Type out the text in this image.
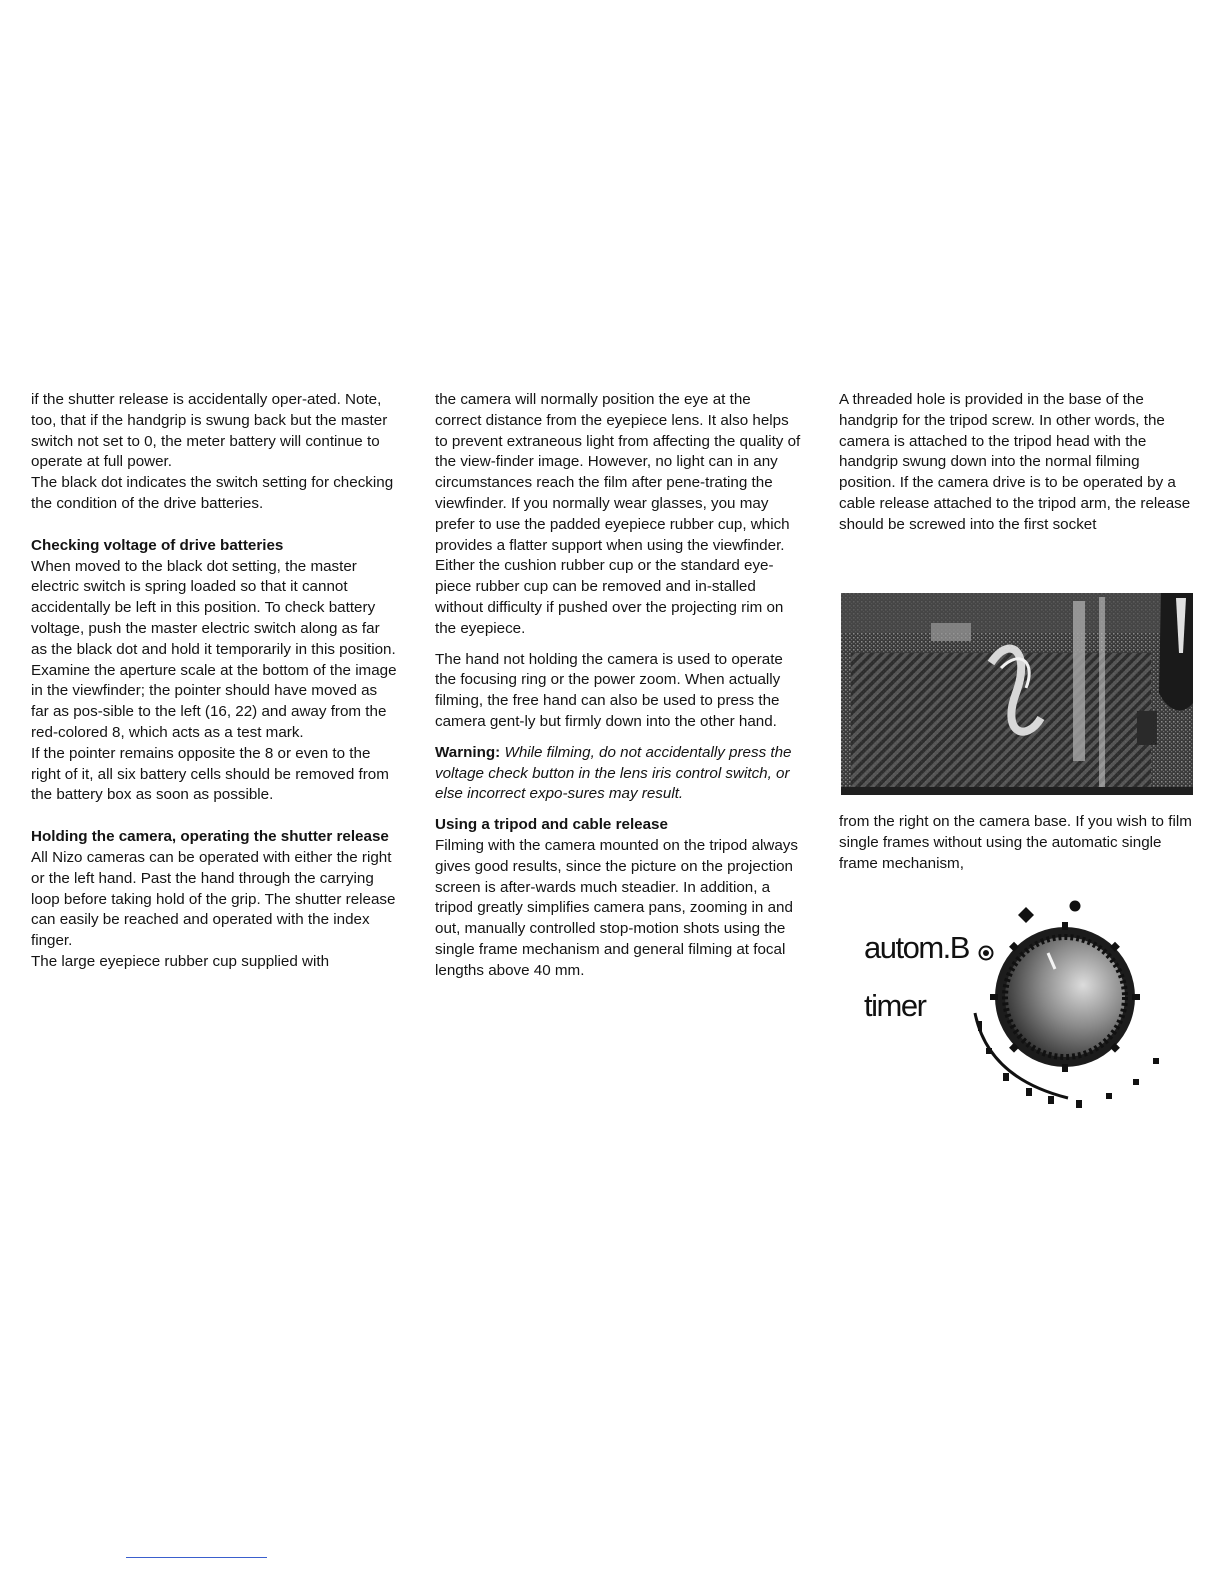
if the shutter release is accidentally oper-ated. Note, too, that if the handgrip is swung back but the master switch not set to 0, the meter battery will continue to operate at full power.

The black dot indicates the switch setting for checking the condition of the drive batteries.

Checking voltage of drive batteries

When moved to the black dot setting, the master electric switch is spring loaded so that it cannot accidentally be left in this position. To check battery voltage, push the master electric switch along as far as the black dot and hold it temporarily in this position. Examine the aperture scale at the bottom of the image in the viewfinder; the pointer should have moved as far as pos-sible to the left (16, 22) and away from the red-colored 8, which acts as a test mark.

If the pointer remains opposite the 8 or even to the right of it, all six battery cells should be removed from the battery box as soon as possible.

Holding the camera, operating the shutter release

All Nizo cameras can be operated with either the right or the left hand. Past the hand through the carrying loop before taking hold of the grip. The shutter release can easily be reached and operated with the index finger.

The large eyepiece rubber cup supplied with

the camera will normally position the eye at the correct distance from the eyepiece lens. It also helps to prevent extraneous light from affecting the quality of the view-finder image. However, no light can in any circumstances reach the film after pene-trating the viewfinder. If you normally wear glasses, you may prefer to use the padded eyepiece rubber cup, which provides a flatter support when using the viewfinder. Either the cushion rubber cup or the standard eye-piece rubber cup can be removed and in-stalled without difficulty if pushed over the projecting rim on the eyepiece.

The hand not holding the camera is used to operate the focusing ring or the power zoom. When actually filming, the free hand can also be used to press the camera gent-ly but firmly down into the other hand.

Warning: While filming, do not accidentally press the voltage check button in the lens iris control switch, or else incorrect expo-sures may result.

Using a tripod and cable release

Filming with the camera mounted on the tripod always gives good results, since the picture on the projection screen is after-wards much steadier. In addition, a tripod greatly simplifies camera pans, zooming in and out, manually controlled stop-motion shots using the single frame mechanism and general filming at focal lengths above 40 mm.

A threaded hole is provided in the base of the handgrip for the tripod screw. In other words, the camera is attached to the tripod head with the handgrip swung down into the normal filming position. If the camera drive is to be operated by a cable release attached to the tripod arm, the release should be screwed into the first socket

from the right on the camera base. If you wish to film single frames without using the automatic single frame mechanism,

autom.B
timer
